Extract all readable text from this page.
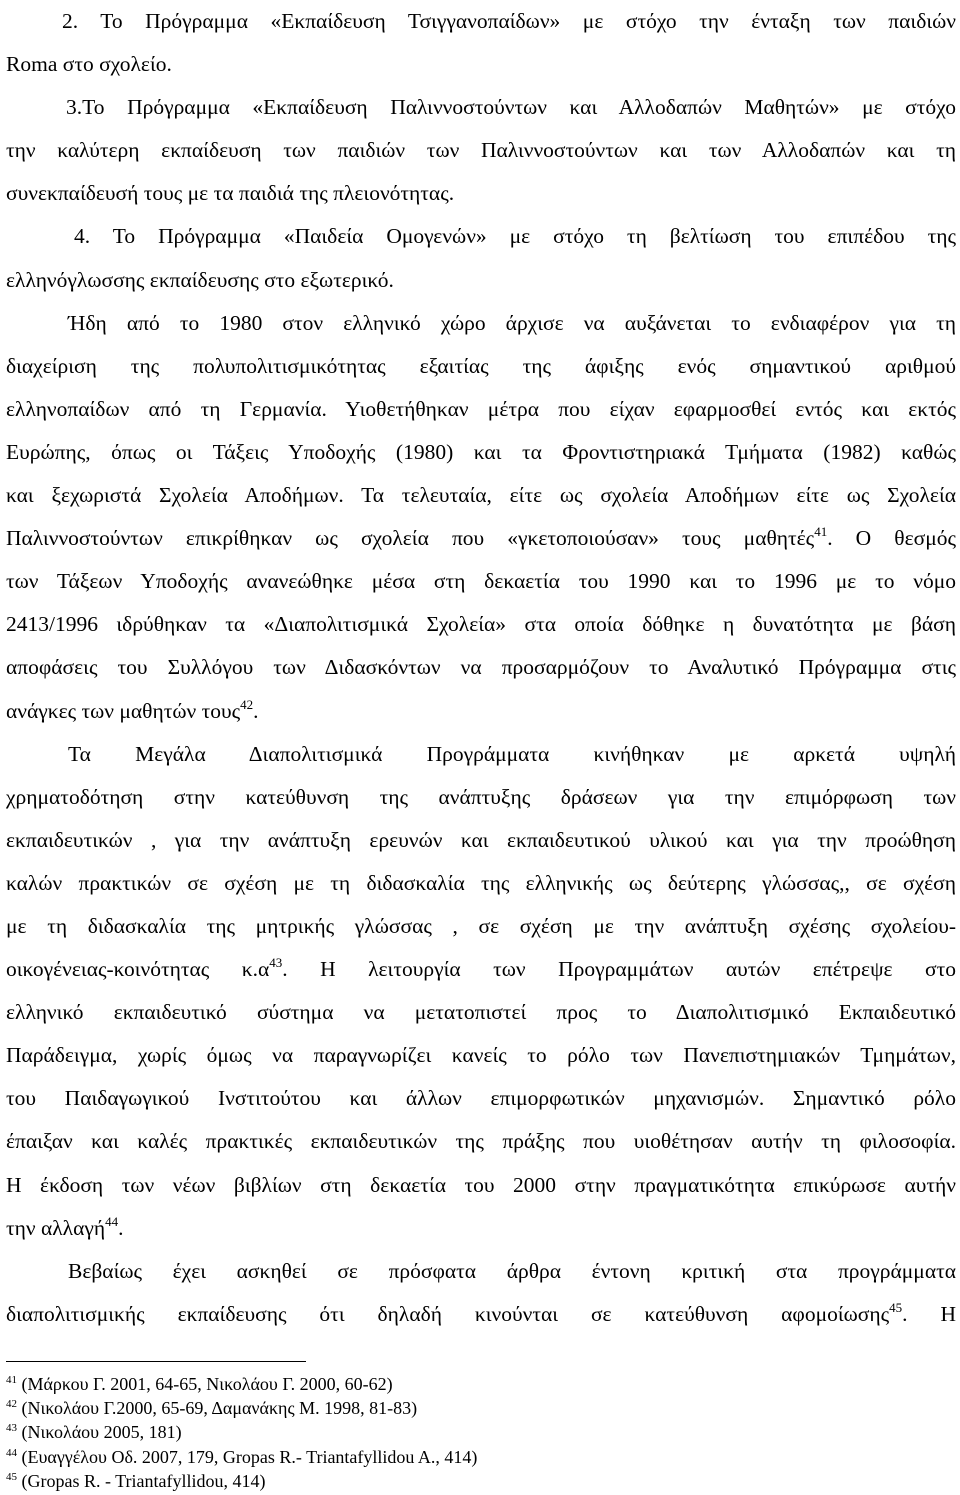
2. Το Πρόγραμμα «Εκπαίδευση Τσιγγανοπαίδων» με στόχο την ένταξη των παιδιών
Roma στο σχολείο.
3.Το Πρόγραμμα «Εκπαίδευση Παλιννοστούντων και Αλλοδαπών Μαθητών» με στόχο
την καλύτερη εκπαίδευση των παιδιών των Παλιννοστούντων και των Αλλοδαπών και τη
συνεκπαίδευσή τους με τα παιδιά της πλειονότητας.
4. Το Πρόγραμμα «Παιδεία Ομογενών» με στόχο τη βελτίωση του επιπέδου της
ελληνόγλωσσης εκπαίδευσης στο εξωτερικό.
Ήδη από το 1980 στον ελληνικό χώρο άρχισε να αυξάνεται το ενδιαφέρον για τη
διαχείριση της πολυπολιτισμικότητας εξαιτίας της άφιξης ενός σημαντικού αριθμού
ελληνοπαίδων από τη Γερμανία. Υιοθετήθηκαν μέτρα που είχαν εφαρμοσθεί εντός και εκτός
Ευρώπης, όπως οι Τάξεις Υποδοχής (1980) και τα Φροντιστηριακά Τμήματα (1982) καθώς
και ξεχωριστά Σχολεία Αποδήμων. Τα τελευταία, είτε ως σχολεία Αποδήμων είτε ως Σχολεία
Παλιννοστούντων επικρίθηκαν ως σχολεία που «γκετοποιούσαν» τους μαθητές$^{41}$. Ο θεσμός
των Τάξεων Υποδοχής ανανεώθηκε μέσα στη δεκαετία του 1990 και το 1996 με το νόμο
2413/1996 ιδρύθηκαν τα «Διαπολιτισμικά Σχολεία» στα οποία δόθηκε η δυνατότητα με βάση
αποφάσεις του Συλλόγου των Διδασκόντων να προσαρμόζουν το Αναλυτικό Πρόγραμμα στις
ανάγκες των μαθητών τους$^{42}$.
Τα Μεγάλα Διαπολιτισμικά Προγράμματα κινήθηκαν με αρκετά υψηλή
χρηματοδότηση στην κατεύθυνση της ανάπτυξης δράσεων για την επιμόρφωση των
εκπαιδευτικών , για την ανάπτυξη ερευνών και εκπαιδευτικού υλικού και για την προώθηση
καλών πρακτικών σε σχέση με τη διδασκαλία της ελληνικής ως δεύτερης γλώσσας,, σε σχέση
με τη διδασκαλία της μητρικής γλώσσας , σε σχέση με την ανάπτυξη σχέσης σχολείου-
οικογένειας-κοινότητας $\kappa.\alpha^{43}$. Η λειτουργία των Προγραμμάτων αυτών επέτρεψε στο
ελληνικό εκπαιδευτικό σύστημα να μετατοπιστεί προς το Διαπολιτισμικό Εκπαιδευτικό
Παράδειγμα, χωρίς όμως να παραγνωρίζει κανείς το ρόλο των Πανεπιστημιακών Τμημάτων,
του Παιδαγωγικού Ινστιτούτου και άλλων επιμορφωτικών μηχανισμών. Σημαντικό ρόλο
έπαιξαν και καλές πρακτικές εκπαιδευτικών της πράξης που υιοθέτησαν αυτήν τη φιλοσοφία.
Η έκδοση των νέων βιβλίων στη δεκαετία του 2000 στην πραγματικότητα επικύρωσε αυτήν
την αλλαγή$^{44}$.
Βεβαίως έχει ασκηθεί σε πρόσφατα άρθρα έντονη κριτική στα προγράμματα
διαπολιτισμικής εκπαίδευσης ότι δηλαδή κινούνται σε κατεύθυνση αφομοίωσης$^{45}$. Η
$^{41}$ (Μάρκου Γ. 2001, 64-65, Νικολάου Γ. 2000, 60-62)
$^{42}$ (Νικολάου Γ.2000, 65-69, Δαμανάκης Μ. 1998, 81-83)
$^{43}$ (Νικολάου 2005, 181)
$^{44}$ (Ευαγγέλου Οδ. 2007, 179, Gropas R.- Triantafyllidou A., 414)
$^{45}$ (Gropas R. - Triantafyllidou, 414)
